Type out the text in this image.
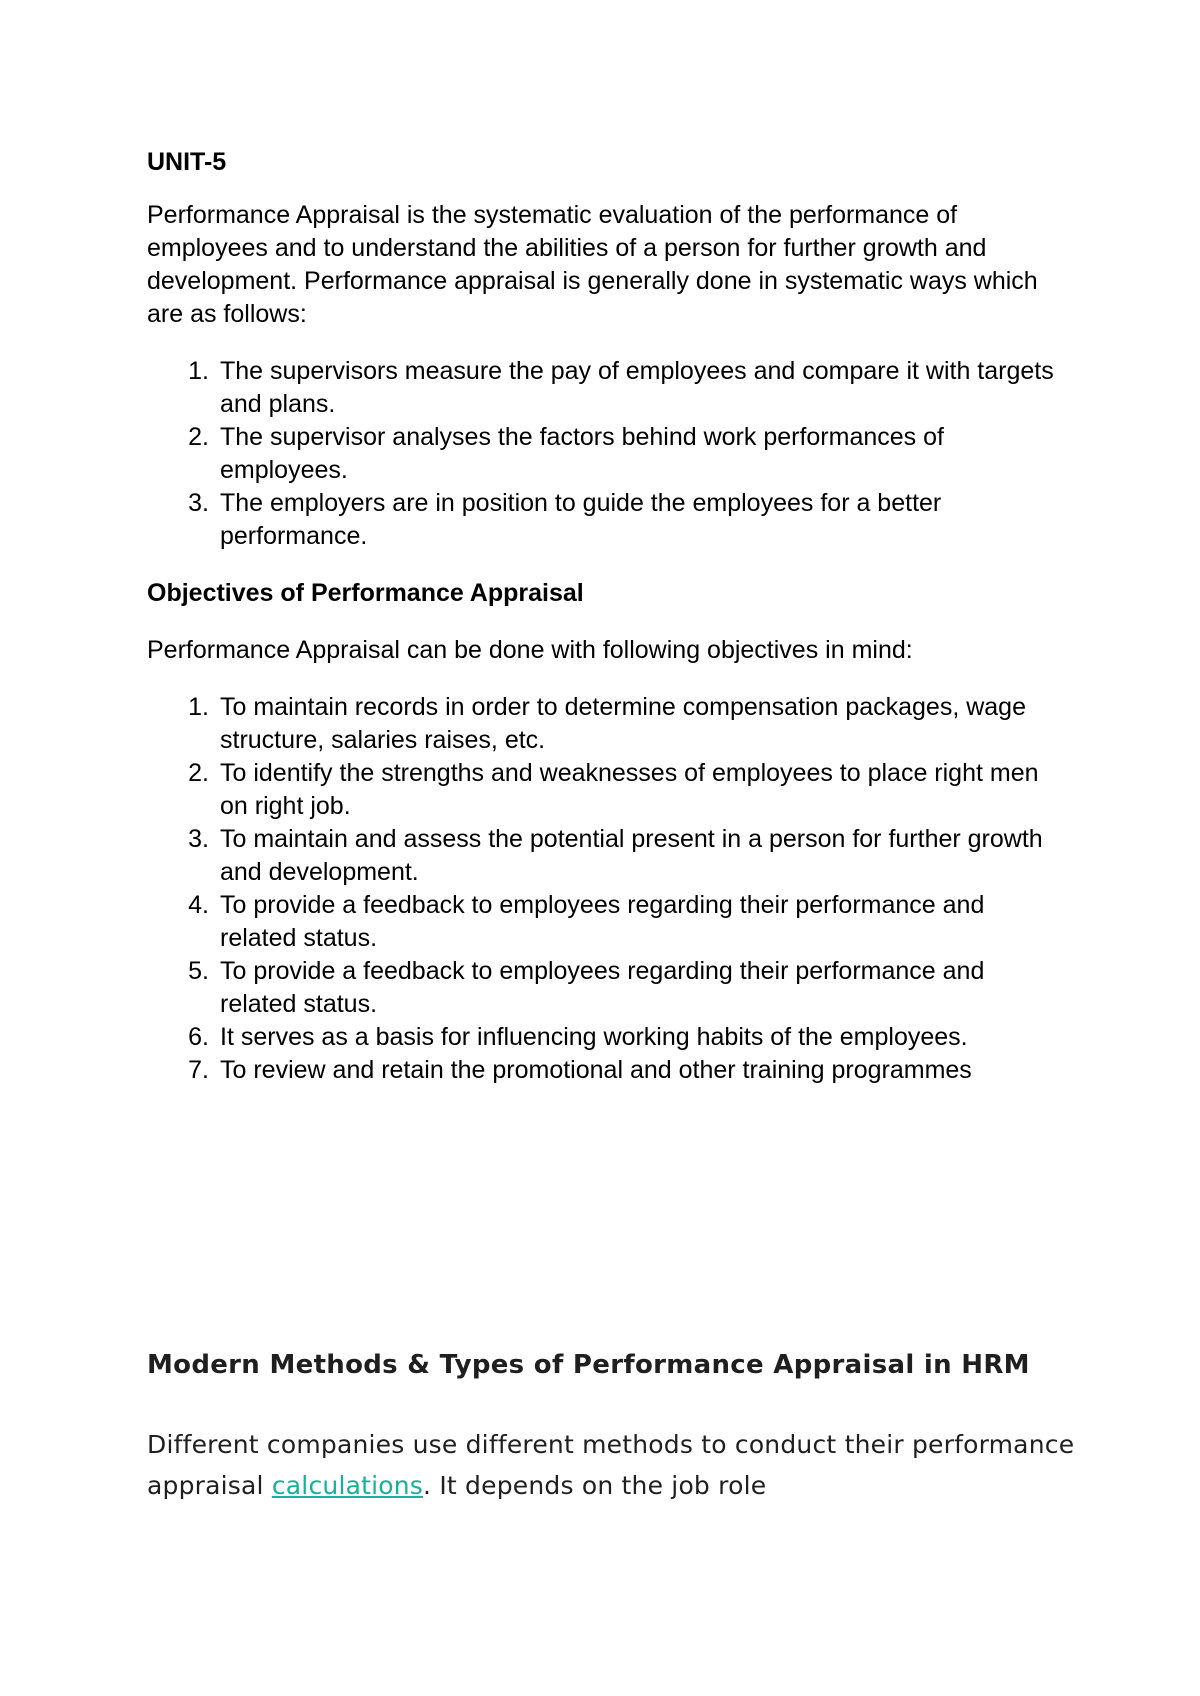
UNIT-5

Performance Appraisal is the systematic evaluation of the performance of employees and to understand the abilities of a person for further growth and development. Performance appraisal is generally done in systematic ways which are as follows:

1. The supervisors measure the pay of employees and compare it with targets and plans.
2. The supervisor analyses the factors behind work performances of employees.
3. The employers are in position to guide the employees for a better performance.
Objectives of Performance Appraisal

Performance Appraisal can be done with following objectives in mind:

1. To maintain records in order to determine compensation packages, wage structure, salaries raises, etc.
2. To identify the strengths and weaknesses of employees to place right men on right job.
3. To maintain and assess the potential present in a person for further growth and development.
4. To provide a feedback to employees regarding their performance and related status.
5. To provide a feedback to employees regarding their performance and related status.
6. It serves as a basis for influencing working habits of the employees.
7. To review and retain the promotional and other training programmes
Modern Methods & Types of Performance Appraisal in HRM

Different companies use different methods to conduct their performance appraisal calculations. It depends on the job role
